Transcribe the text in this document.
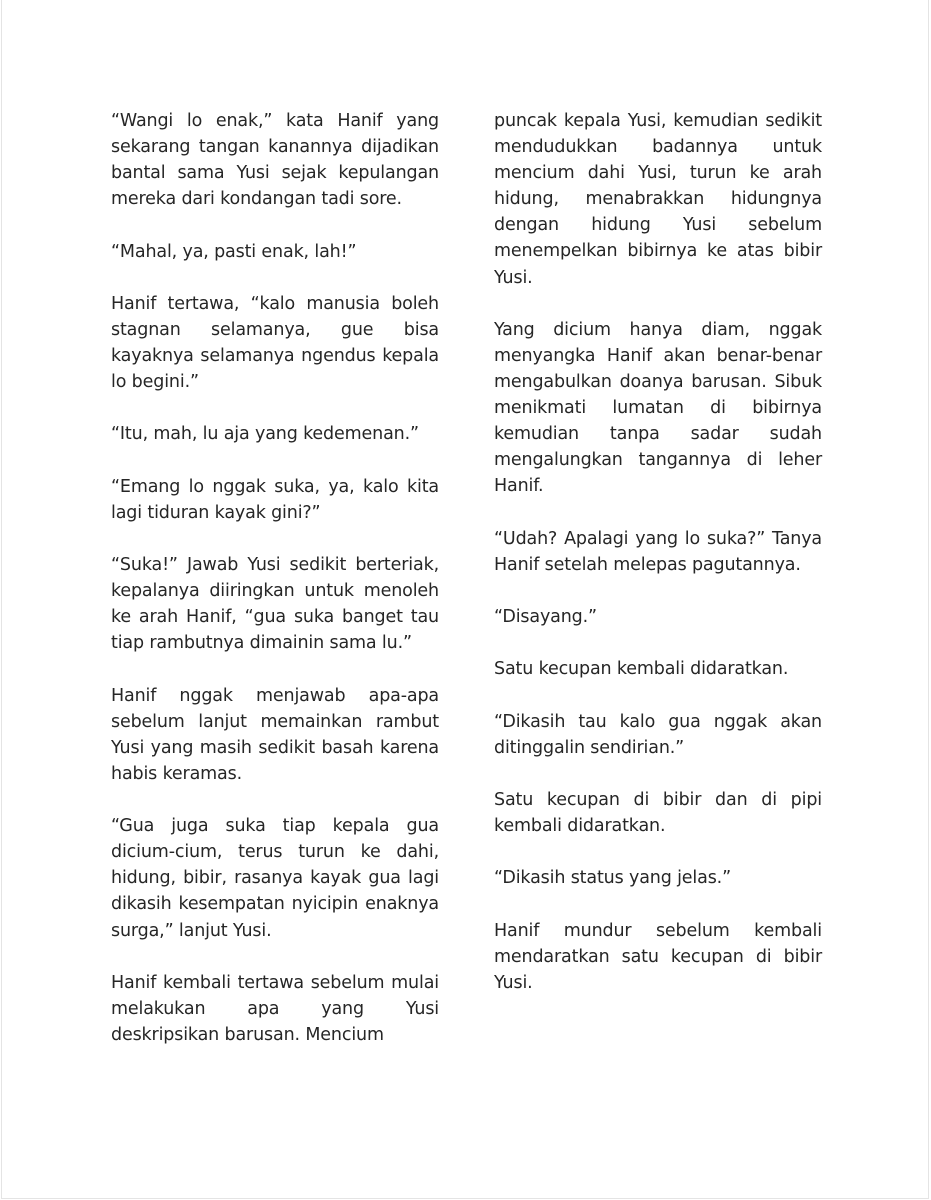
“Wangi lo enak,” kata Hanif yang sekarang tangan kanannya dijadikan bantal sama Yusi sejak kepulangan mereka dari kondangan tadi sore.

“Mahal, ya, pasti enak, lah!”

Hanif tertawa, “kalo manusia boleh stagnan selamanya, gue bisa kayaknya selamanya ngendus kepala lo begini.”

“Itu, mah, lu aja yang kedemenan.”

“Emang lo nggak suka, ya, kalo kita lagi tiduran kayak gini?”

“Suka!” Jawab Yusi sedikit berteriak, kepalanya diiringkan untuk menoleh ke arah Hanif, “gua suka banget tau tiap rambutnya dimainin sama lu.”

Hanif nggak menjawab apa-apa sebelum lanjut memainkan rambut Yusi yang masih sedikit basah karena habis keramas.

“Gua juga suka tiap kepala gua dicium-cium, terus turun ke dahi, hidung, bibir, rasanya kayak gua lagi dikasih kesempatan nyicipin enaknya surga,” lanjut Yusi.

Hanif kembali tertawa sebelum mulai melakukan apa yang Yusi deskripsikan barusan. Mencium

puncak kepala Yusi, kemudian sedikit mendudukkan badannya untuk mencium dahi Yusi, turun ke arah hidung, menabrakkan hidungnya dengan hidung Yusi sebelum menempelkan bibirnya ke atas bibir Yusi.

Yang dicium hanya diam, nggak menyangka Hanif akan benar-benar mengabulkan doanya barusan. Sibuk menikmati lumatan di bibirnya kemudian tanpa sadar sudah mengalungkan tangannya di leher Hanif.

“Udah? Apalagi yang lo suka?” Tanya Hanif setelah melepas pagutannya.

“Disayang.”

Satu kecupan kembali didaratkan.

“Dikasih tau kalo gua nggak akan ditinggalin sendirian.”

Satu kecupan di bibir dan di pipi kembali didaratkan.

“Dikasih status yang jelas.”

Hanif mundur sebelum kembali mendaratkan satu kecupan di bibir Yusi.
